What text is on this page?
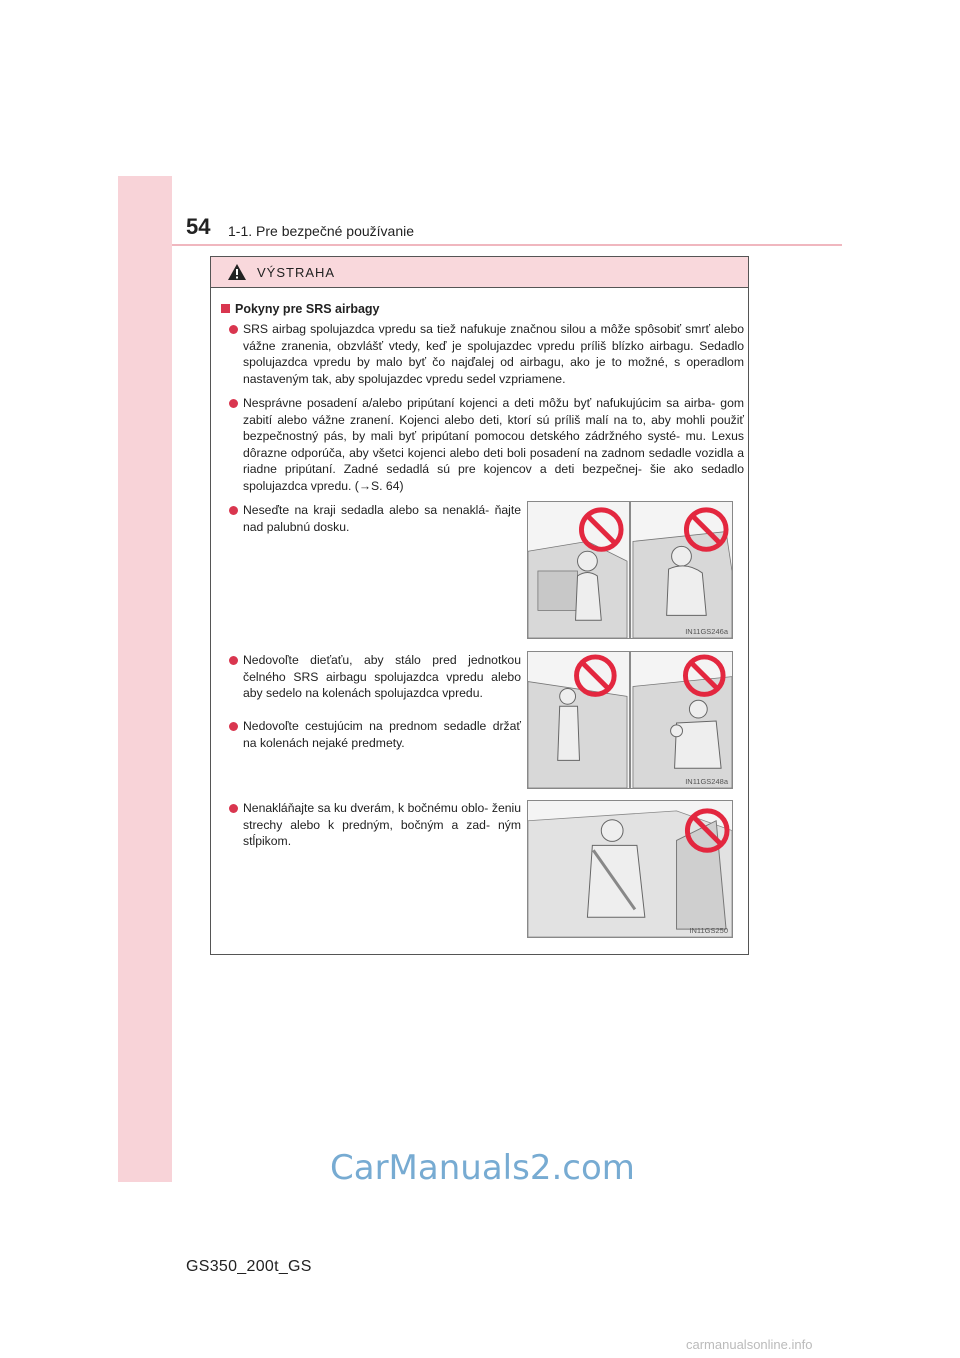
54 1-1. Pre bezpečné používanie
VÝSTRAHA
Pokyny pre SRS airbagy
SRS airbag spolujazdca vpredu sa tiež nafukuje značnou silou a môže spôsobiť smrť alebo vážne zranenia, obzvlášť vtedy, keď je spolujazdec vpredu príliš blízko airbagu. Sedadlo spolujazdca vpredu by malo byť čo najďalej od airbagu, ako je to možné, s operadlom nastaveným tak, aby spolujazdec vpredu sedel vzpriamene.
Nesprávne posadení a/alebo pripútaní kojenci a deti môžu byť nafukujúcim sa airba- gom zabití alebo vážne zranení. Kojenci alebo deti, ktorí sú príliš malí na to, aby mohli použiť bezpečnostný pás, by mali byť pripútaní pomocou detského zádržného systé- mu. Lexus dôrazne odporúča, aby všetci kojenci alebo deti boli posadení na zadnom sedadle vozidla a riadne pripútaní. Zadné sedadlá sú pre kojencov a deti bezpečnej- šie ako sedadlo spolujazdca vpredu. (→S. 64)
Neseďte na kraji sedadla alebo sa nenaklá- ňajte nad palubnú dosku.
Nedovoľte dieťaťu, aby stálo pred jednotkou čelného SRS airbagu spolujazdca vpredu alebo aby sedelo na kolenách spolujazdca vpredu.
Nedovoľte cestujúcim na prednom sedadle držať na kolenách nejaké predmety.
Nenakláňajte sa ku dverám, k bočnému oblo- ženiu strechy alebo k predným, bočným a zad- ným stĺpikom.
IN11GS246a
IN11GS248a
IN11GS250
CarManuals2.com
GS350_200t_GS
carmanualsonline.info
